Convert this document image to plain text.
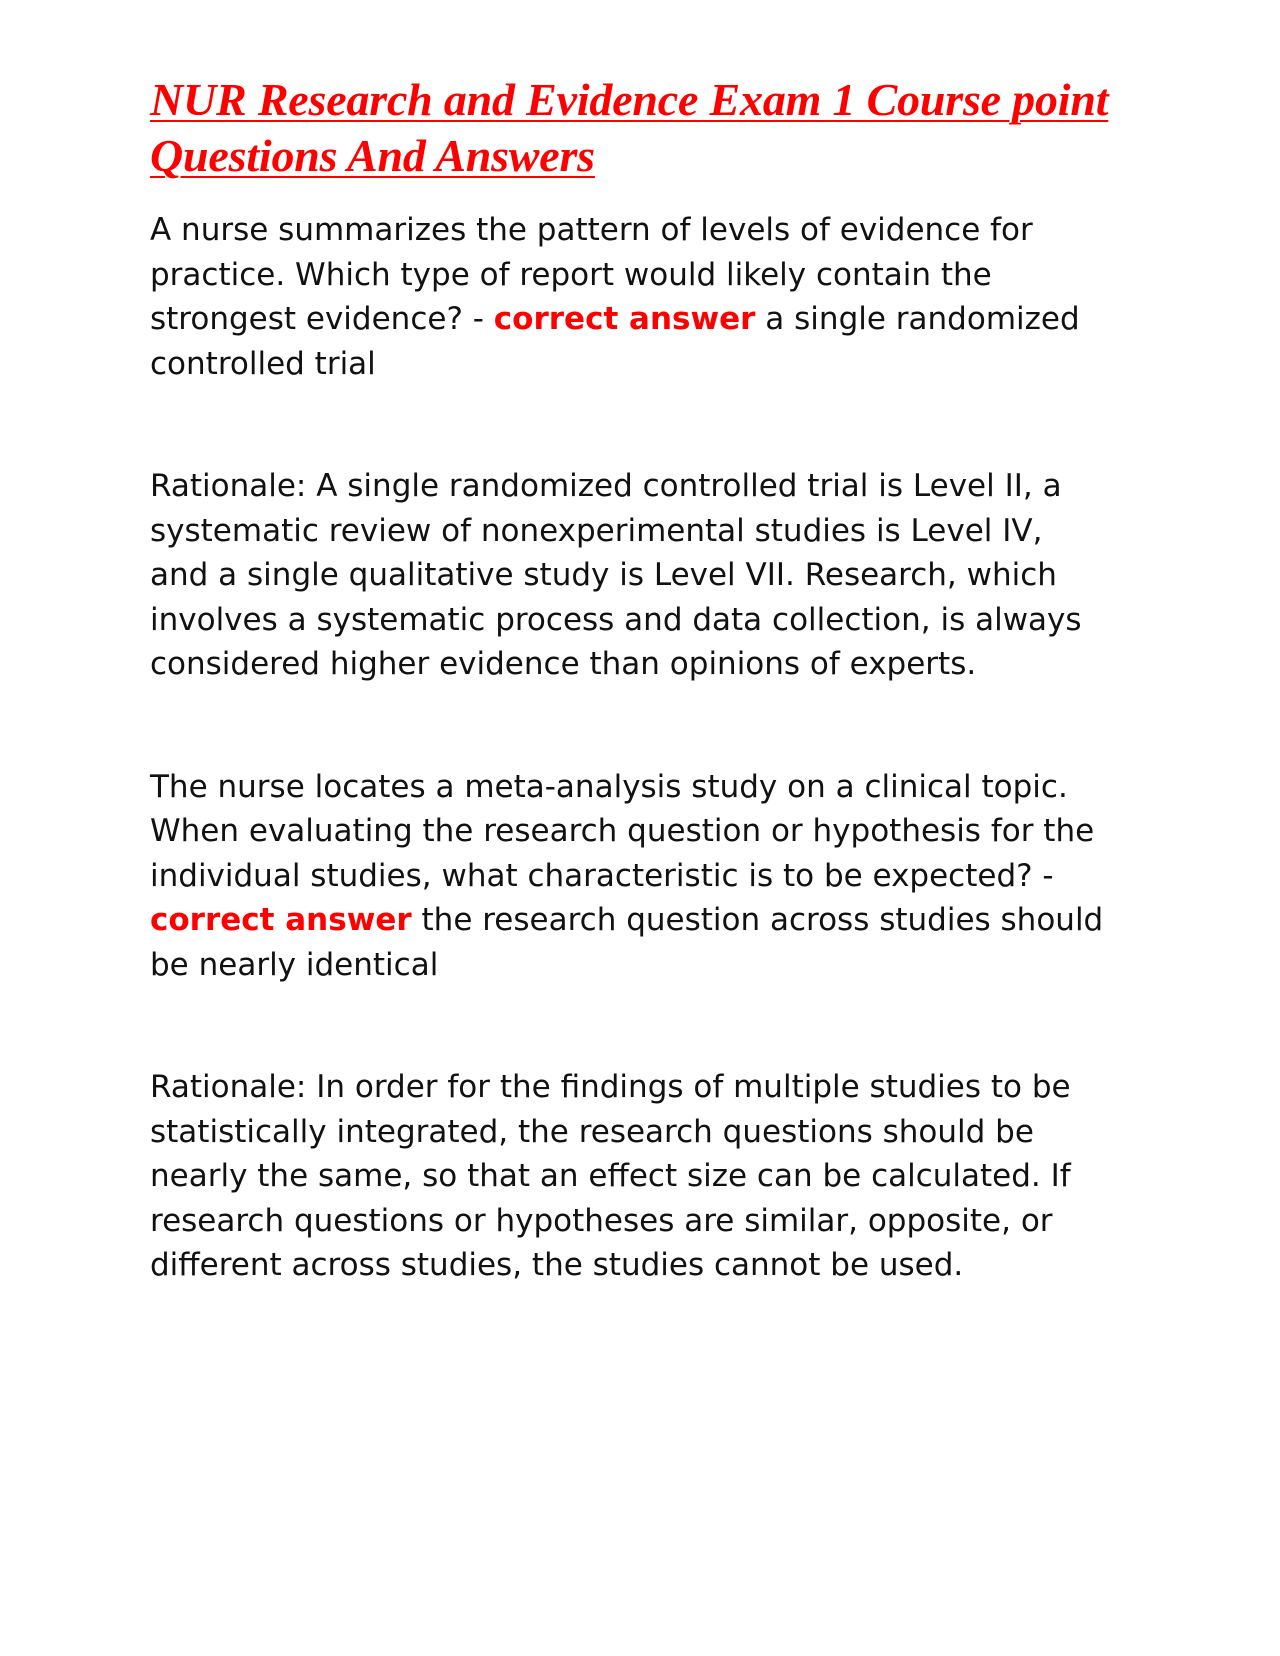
NUR Research and Evidence Exam 1 Course point Questions And Answers

A nurse summarizes the pattern of levels of evidence for practice. Which type of report would likely contain the strongest evidence? - correct answer a single randomized controlled trial

Rationale: A single randomized controlled trial is Level II, a systematic review of nonexperimental studies is Level IV, and a single qualitative study is Level VII. Research, which involves a systematic process and data collection, is always considered higher evidence than opinions of experts.

The nurse locates a meta-analysis study on a clinical topic. When evaluating the research question or hypothesis for the individual studies, what characteristic is to be expected? - correct answer the research question across studies should be nearly identical

Rationale: In order for the findings of multiple studies to be statistically integrated, the research questions should be nearly the same, so that an effect size can be calculated. If research questions or hypotheses are similar, opposite, or different across studies, the studies cannot be used.
